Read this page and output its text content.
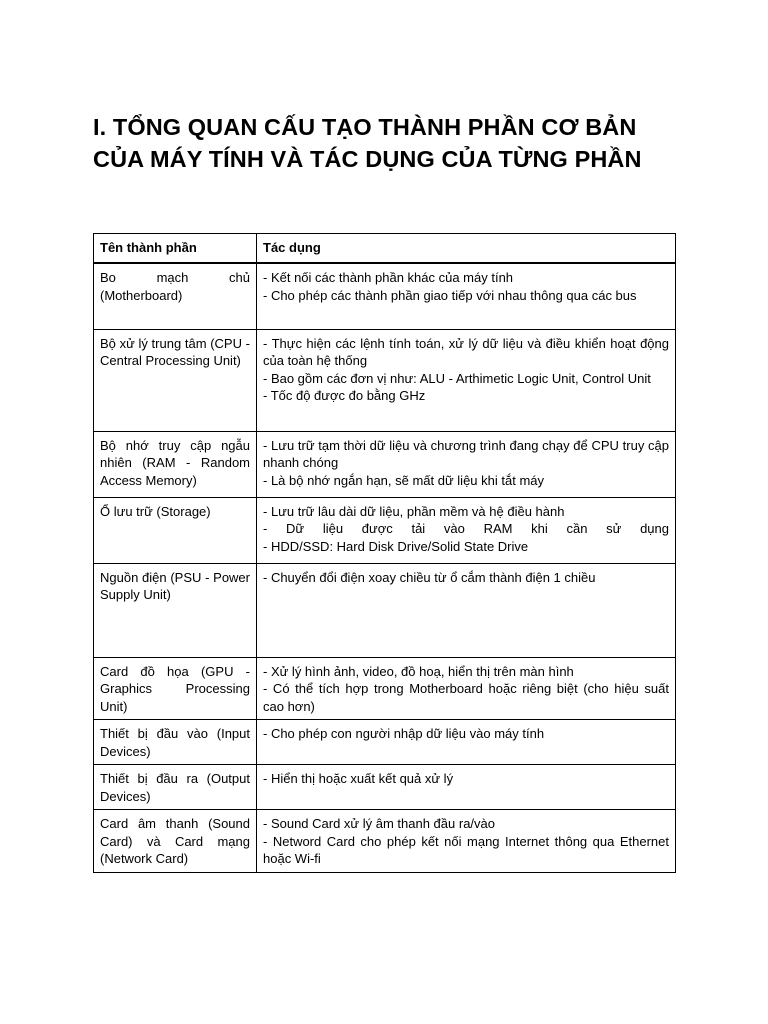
I. TỔNG QUAN CẤU TẠO THÀNH PHẦN CƠ BẢN CỦA MÁY TÍNH VÀ TÁC DỤNG CỦA TỪNG PHẦN
Tên thành phần	Tác dụng
Bo mạch chủ (Motherboard)	- Kết nối các thành phần khác của máy tính
- Cho phép các thành phần giao tiếp với nhau thông qua các bus

Bộ xử lý trung tâm (CPU - Central Processing Unit)	- Thực hiện các lệnh tính toán, xử lý dữ liệu và điều khiển hoạt động của toàn hệ thống
- Bao gồm các đơn vị như: ALU - Arthimetic Logic Unit, Control Unit
- Tốc độ được đo bằng GHz

Bộ nhớ truy cập ngẫu nhiên (RAM - Random Access Memory)	- Lưu trữ tạm thời dữ liệu và chương trình đang chạy để CPU truy cập nhanh chóng
- Là bộ nhớ ngắn hạn, sẽ mất dữ liệu khi tắt máy

Ổ lưu trữ (Storage)	- Lưu trữ lâu dài dữ liệu, phần mềm và hệ điều hành
- Dữ liệu được tải vào RAM khi cần sử dụng
- HDD/SSD: Hard Disk Drive/Solid State Drive

Nguồn điện (PSU - Power Supply Unit)	- Chuyển đổi điện xoay chiều từ ổ cắm thành điện 1 chiều

Card đồ họa (GPU - Graphics Processing Unit)	- Xử lý hình ảnh, video, đồ hoạ, hiển thị trên màn hình
- Có thể tích hợp trong Motherboard hoặc riêng biệt (cho hiệu suất cao hơn)

Thiết bị đầu vào (Input Devices)	- Cho phép con người nhập dữ liệu vào máy tính

Thiết bị đầu ra (Output Devices)	- Hiển thị hoặc xuất kết quả xử lý

Card âm thanh (Sound Card) và Card mạng (Network Card)	- Sound Card xử lý âm thanh đầu ra/vào
- Netword Card cho phép kết nối mạng Internet thông qua Ethernet hoặc Wi-fi
